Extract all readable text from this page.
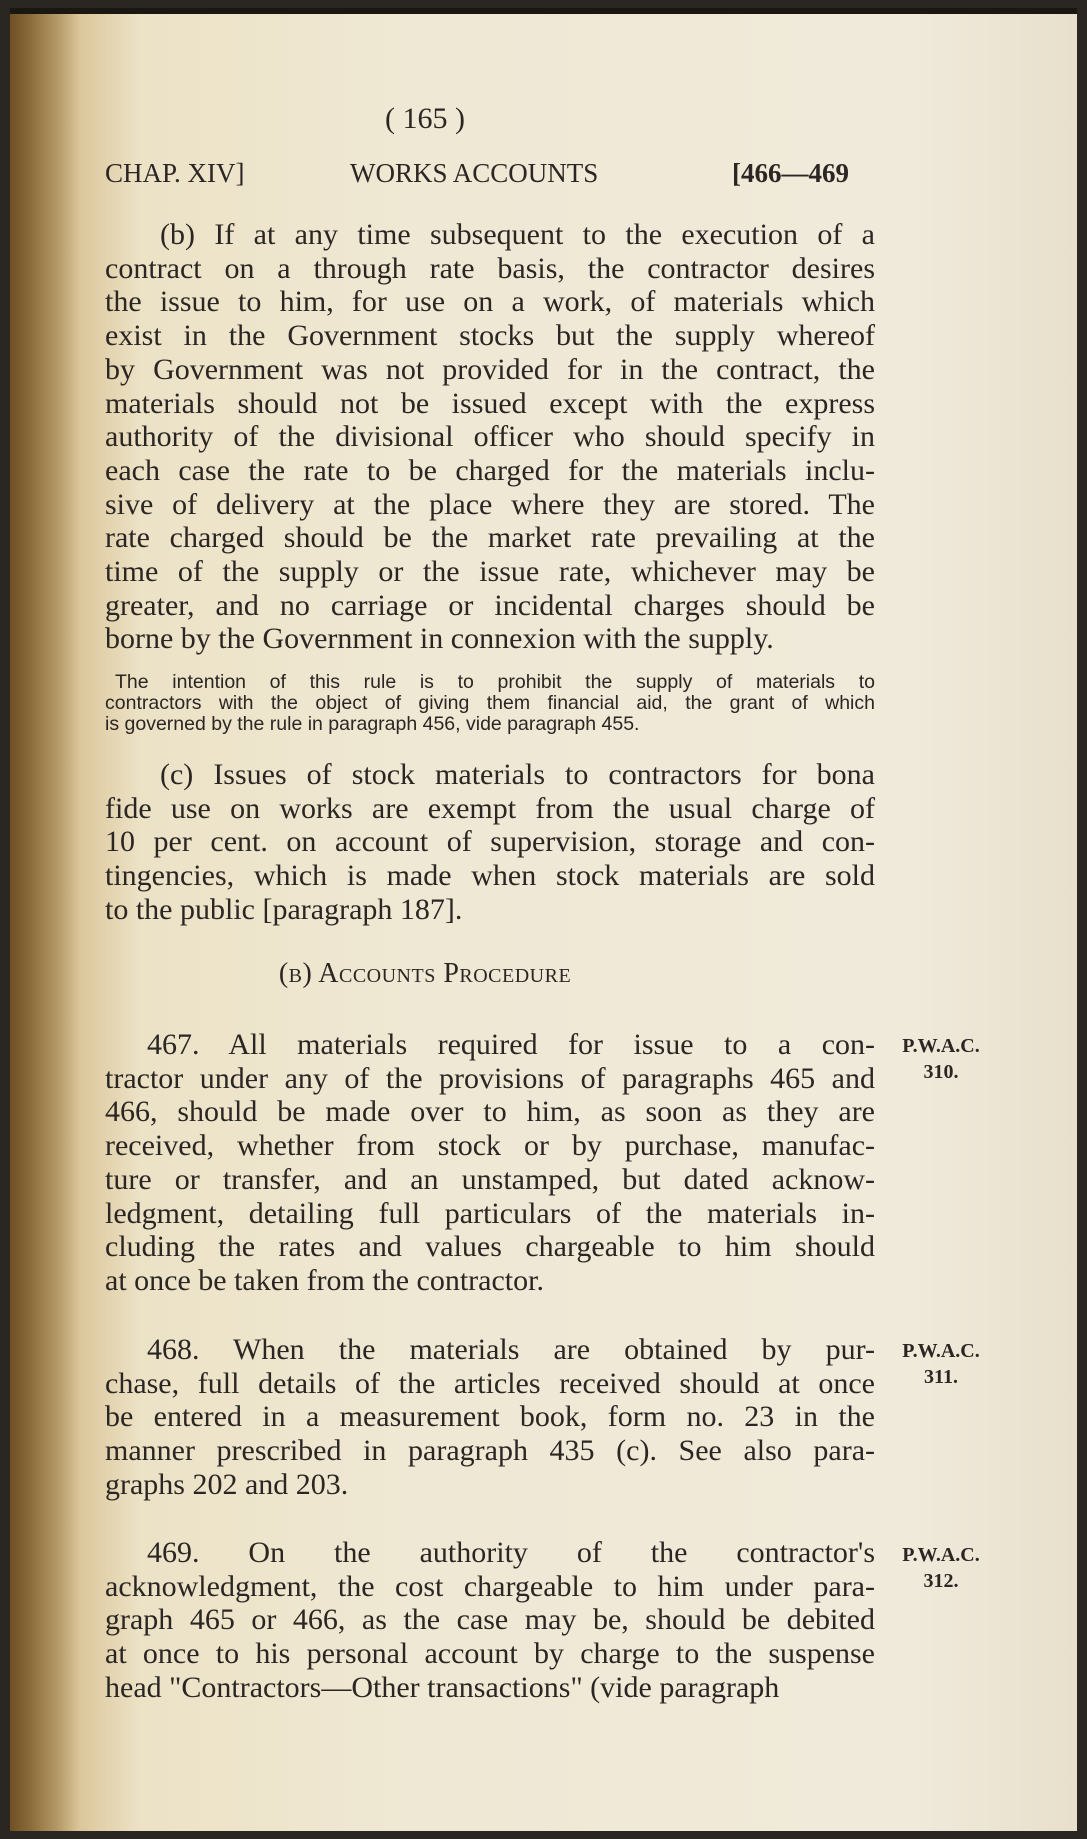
( 165 )
CHAP. XIV]	WORKS ACCOUNTS	[466—469
(b) If at any time subsequent to the execution of a
contract on a through rate basis, the contractor desires
the issue to him, for use on a work, of materials which
exist in the Government stocks but the supply whereof
by Government was not provided for in the contract, the
materials should not be issued except with the express
authority of the divisional officer who should specify in
each case the rate to be charged for the materials inclu-
sive of delivery at the place where they are stored. The
rate charged should be the market rate prevailing at the
time of the supply or the issue rate, whichever may be
greater, and no carriage or incidental charges should be
borne by the Government in connexion with the supply.
The intention of this rule is to prohibit the supply of materials to
contractors with the object of giving them financial aid, the grant of which
is governed by the rule in paragraph 456, vide paragraph 455.
(c) Issues of stock materials to contractors for bona
fide use on works are exempt from the usual charge of
10 per cent. on account of supervision, storage and con-
tingencies, which is made when stock materials are sold
to the public [paragraph 187].
(b) Accounts Procedure
467. All materials required for issue to a con-
tractor under any of the provisions of paragraphs 465 and
466, should be made over to him, as soon as they are
received, whether from stock or by purchase, manufac-
ture or transfer, and an unstamped, but dated acknow-
ledgment, detailing full particulars of the materials in-
cluding the rates and values chargeable to him should
at once be taken from the contractor.
468. When the materials are obtained by pur-
chase, full details of the articles received should at once
be entered in a measurement book, form no. 23 in the
manner prescribed in paragraph 435 (c). See also para-
graphs 202 and 203.
469. On the authority of the contractor's
acknowledgment, the cost chargeable to him under para-
graph 465 or 466, as the case may be, should be debited
at once to his personal account by charge to the suspense
head "Contractors—Other transactions" (vide paragraph
P.W.A.C.
310.
P.W.A.C.
311.
P.W.A.C.
312.
